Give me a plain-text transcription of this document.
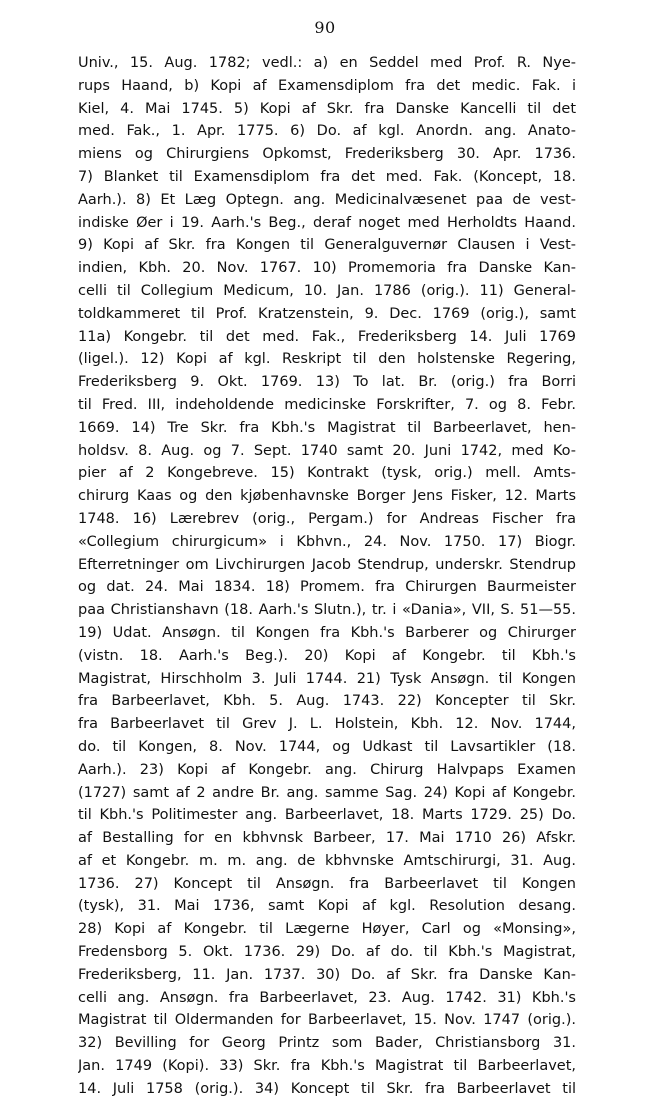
90
Univ., 15. Aug. 1782; vedl.: a) en Seddel med Prof. R. Nye-
rups Haand, b) Kopi af Examensdiplom fra det medic. Fak. i
Kiel, 4. Mai 1745. 5) Kopi af Skr. fra Danske Kancelli til det
med. Fak., 1. Apr. 1775. 6) Do. af kgl. Anordn. ang. Anato-
miens og Chirurgiens Opkomst, Frederiksberg 30. Apr. 1736.
7) Blanket til Examensdiplom fra det med. Fak. (Koncept, 18.
Aarh.). 8) Et Læg Optegn. ang. Medicinalvæsenet paa de vest-
indiske Øer i 19. Aarh.'s Beg., deraf noget med Herholdts Haand.
9) Kopi af Skr. fra Kongen til Generalguvernør Clausen i Vest-
indien, Kbh. 20. Nov. 1767. 10) Promemoria fra Danske Kan-
celli til Collegium Medicum, 10. Jan. 1786 (orig.). 11) General-
toldkammeret til Prof. Kratzenstein, 9. Dec. 1769 (orig.), samt
11a) Kongebr. til det med. Fak., Frederiksberg 14. Juli 1769
(ligel.). 12) Kopi af kgl. Reskript til den holstenske Regering,
Frederiksberg 9. Okt. 1769. 13) To lat. Br. (orig.) fra Borri
til Fred. III, indeholdende medicinske Forskrifter, 7. og 8. Febr.
1669. 14) Tre Skr. fra Kbh.'s Magistrat til Barbeerlavet, hen-
holdsv. 8. Aug. og 7. Sept. 1740 samt 20. Juni 1742, med Ko-
pier af 2 Kongebreve. 15) Kontrakt (tysk, orig.) mell. Amts-
chirurg Kaas og den kjøbenhavnske Borger Jens Fisker, 12. Marts
1748. 16) Lærebrev (orig., Pergam.) for Andreas Fischer fra
«Collegium chirurgicum» i Kbhvn., 24. Nov. 1750. 17) Biogr.
Efterretninger om Livchirurgen Jacob Stendrup, underskr. Stendrup
og dat. 24. Mai 1834. 18) Promem. fra Chirurgen Baurmeister
paa Christianshavn (18. Aarh.'s Slutn.), tr. i «Dania», VII, S. 51—55.
19) Udat. Ansøgn. til Kongen fra Kbh.'s Barberer og Chirurger
(vistn. 18. Aarh.'s Beg.). 20) Kopi af Kongebr. til Kbh.'s
Magistrat, Hirschholm 3. Juli 1744. 21) Tysk Ansøgn. til Kongen
fra Barbeerlavet, Kbh. 5. Aug. 1743. 22) Koncepter til Skr.
fra Barbeerlavet til Grev J. L. Holstein, Kbh. 12. Nov. 1744,
do. til Kongen, 8. Nov. 1744, og Udkast til Lavsartikler (18.
Aarh.). 23) Kopi af Kongebr. ang. Chirurg Halvpaps Examen
(1727) samt af 2 andre Br. ang. samme Sag. 24) Kopi af Kongebr.
til Kbh.'s Politimester ang. Barbeerlavet, 18. Marts 1729. 25) Do.
af Bestalling for en kbhvnsk Barbeer, 17. Mai 1710 26) Afskr.
af et Kongebr. m. m. ang. de kbhvnske Amtschirurgi, 31. Aug.
1736. 27) Koncept til Ansøgn. fra Barbeerlavet til Kongen
(tysk), 31. Mai 1736, samt Kopi af kgl. Resolution desang.
28) Kopi af Kongebr. til Lægerne Høyer, Carl og «Monsing»,
Fredensborg 5. Okt. 1736. 29) Do. af do. til Kbh.'s Magistrat,
Frederiksberg, 11. Jan. 1737. 30) Do. af Skr. fra Danske Kan-
celli ang. Ansøgn. fra Barbeerlavet, 23. Aug. 1742. 31) Kbh.'s
Magistrat til Oldermanden for Barbeerlavet, 15. Nov. 1747 (orig.).
32) Bevilling for Georg Printz som Bader, Christiansborg 31.
Jan. 1749 (Kopi). 33) Skr. fra Kbh.'s Magistrat til Barbeerlavet,
14. Juli 1758 (orig.). 34) Koncept til Skr. fra Barbeerlavet til
